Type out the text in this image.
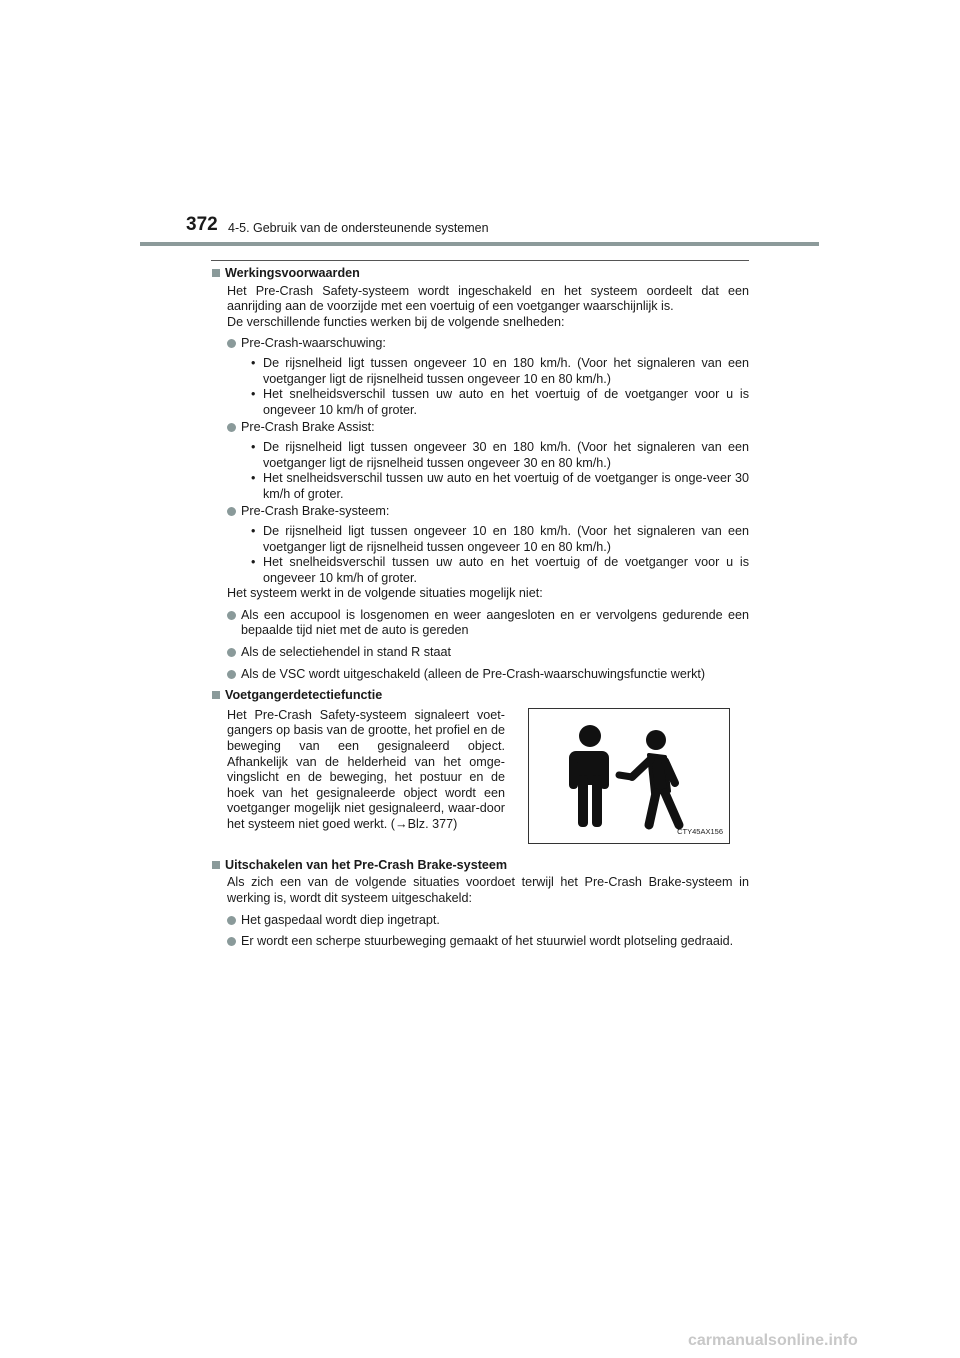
372 4-5. Gebruik van de ondersteunende systemen
Werkingsvoorwaarden
Het Pre-Crash Safety-systeem wordt ingeschakeld en het systeem oordeelt dat een aanrijding aan de voorzijde met een voertuig of een voetganger waarschijnlijk is.
De verschillende functies werken bij de volgende snelheden:
Pre-Crash-waarschuwing:
• De rijsnelheid ligt tussen ongeveer 10 en 180 km/h. (Voor het signaleren van een voetganger ligt de rijsnelheid tussen ongeveer 10 en 80 km/h.)
• Het snelheidsverschil tussen uw auto en het voertuig of de voetganger voor u is ongeveer 10 km/h of groter.
Pre-Crash Brake Assist:
• De rijsnelheid ligt tussen ongeveer 30 en 180 km/h. (Voor het signaleren van een voetganger ligt de rijsnelheid tussen ongeveer 30 en 80 km/h.)
• Het snelheidsverschil tussen uw auto en het voertuig of de voetganger is onge-veer 30 km/h of groter.
Pre-Crash Brake-systeem:
• De rijsnelheid ligt tussen ongeveer 10 en 180 km/h. (Voor het signaleren van een voetganger ligt de rijsnelheid tussen ongeveer 10 en 80 km/h.)
• Het snelheidsverschil tussen uw auto en het voertuig of de voetganger voor u is ongeveer 10 km/h of groter.
Het systeem werkt in de volgende situaties mogelijk niet:
Als een accupool is losgenomen en weer aangesloten en er vervolgens gedurende een bepaalde tijd niet met de auto is gereden
Als de selectiehendel in stand R staat
Als de VSC wordt uitgeschakeld (alleen de Pre-Crash-waarschuwingsfunctie werkt)
Voetgangerdetectiefunctie
Het Pre-Crash Safety-systeem signaleert voet-gangers op basis van de grootte, het profiel en de beweging van een gesignaleerd object. Afhankelijk van de helderheid van het omge-vingslicht en de beweging, het postuur en de hoek van het gesignaleerde object wordt een voetganger mogelijk niet gesignaleerd, waar-door het systeem niet goed werkt. (→Blz. 377)
CTY45AX156
Uitschakelen van het Pre-Crash Brake-systeem
Als zich een van de volgende situaties voordoet terwijl het Pre-Crash Brake-systeem in werking is, wordt dit systeem uitgeschakeld:
Het gaspedaal wordt diep ingetrapt.
Er wordt een scherpe stuurbeweging gemaakt of het stuurwiel wordt plotseling gedraaid.
carmanualsonline.info
